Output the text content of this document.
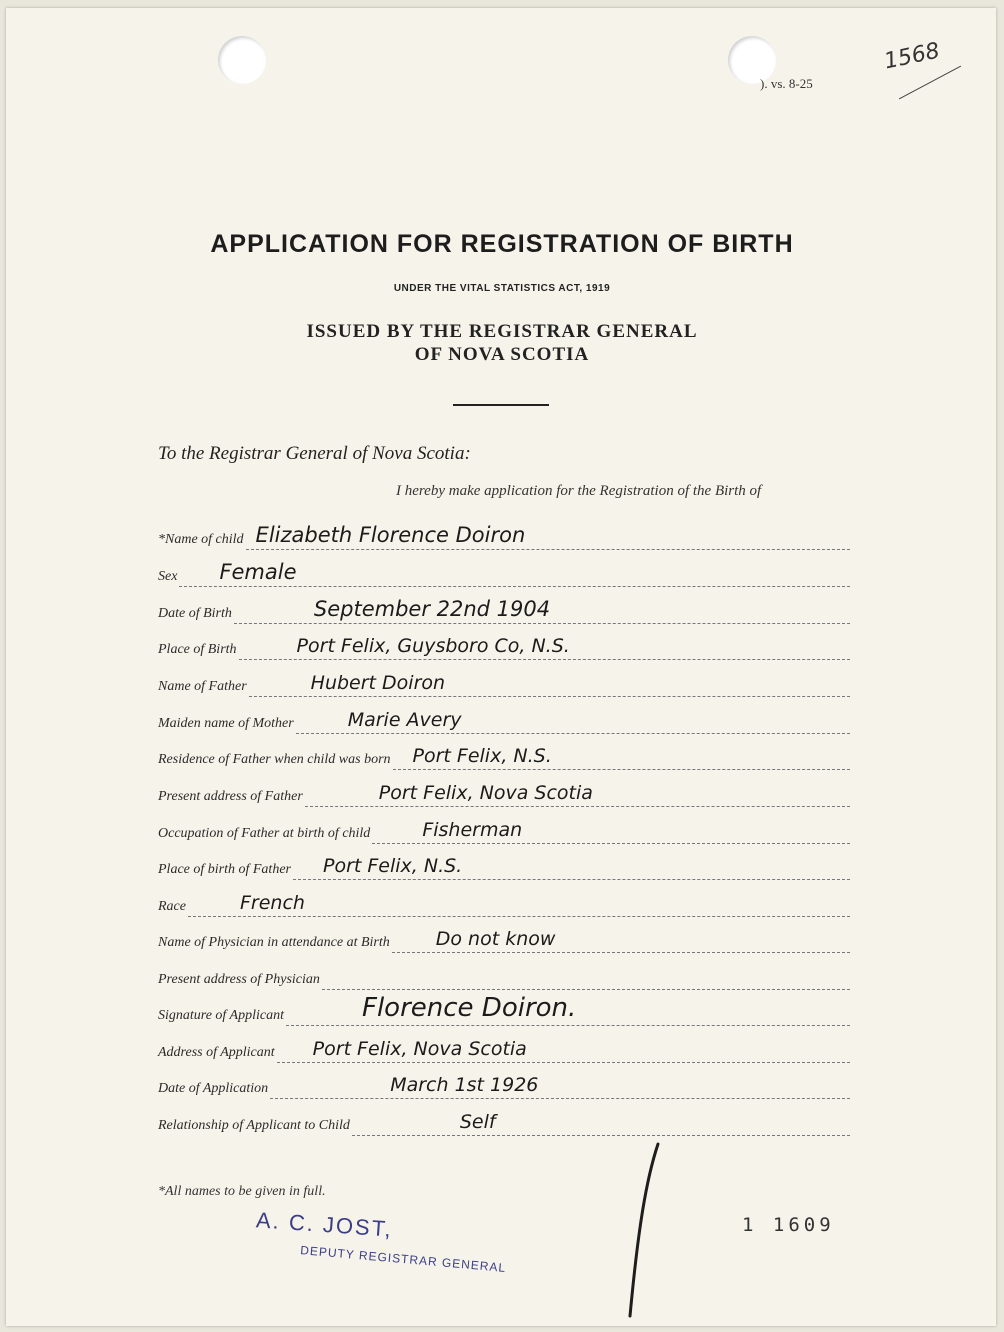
). vs. 8-25
1568
APPLICATION FOR REGISTRATION OF BIRTH
UNDER THE VITAL STATISTICS ACT, 1919
ISSUED BY THE REGISTRAR GENERAL
OF NOVA SCOTIA
To the Registrar General of Nova Scotia:
I hereby make application for the Registration of the Birth of
*Name of child Elizabeth Florence Doiron
Sex Female
Date of Birth	September 22nd 1904
Place of Birth	Port Felix, Guysboro Co, N.S.
Name of Father	Hubert Doiron
Maiden name of Mother	Marie Avery
Residence of Father when child was born Port Felix, N.S.
Present address of Father	Port Felix, Nova Scotia
Occupation of Father at birth of child	Fisherman
Place of birth of Father Port Felix, N.S.
Race	French
Name of Physician in attendance at Birth Do not know
Present address of Physician
Signature of Applicant	Florence Doiron.
Address of Applicant Port Felix, Nova Scotia
Date of Application	March 1st 1926
Relationship of Applicant to Child	Self
*All names to be given in full.
A. C. JOST,
DEPUTY REGISTRAR GENERAL
1 1609
